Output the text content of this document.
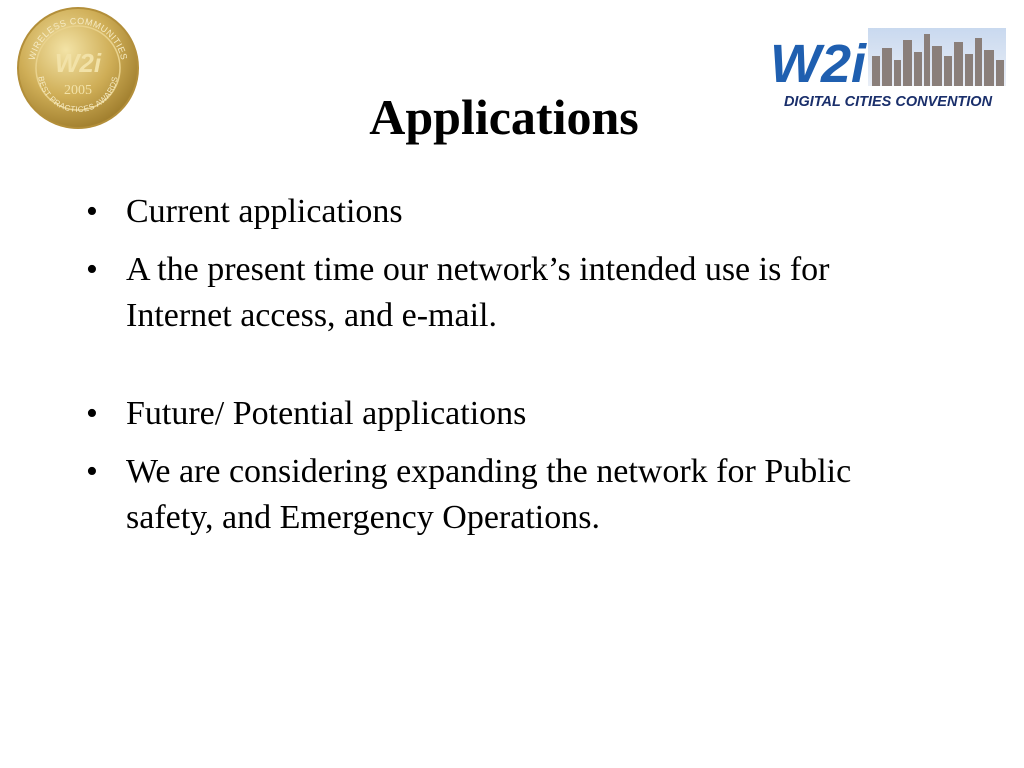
WIRELESS COMMUNITIES
BEST PRACTICES AWARDS
W2i
2005	W2i
DIGITAL CITIES CONVENTION
Applications
• Current applications
• A the present time our network’s intended use is for Internet access, and e-mail.
• Future/ Potential applications
• We are considering expanding the network for Public safety, and Emergency Operations.
